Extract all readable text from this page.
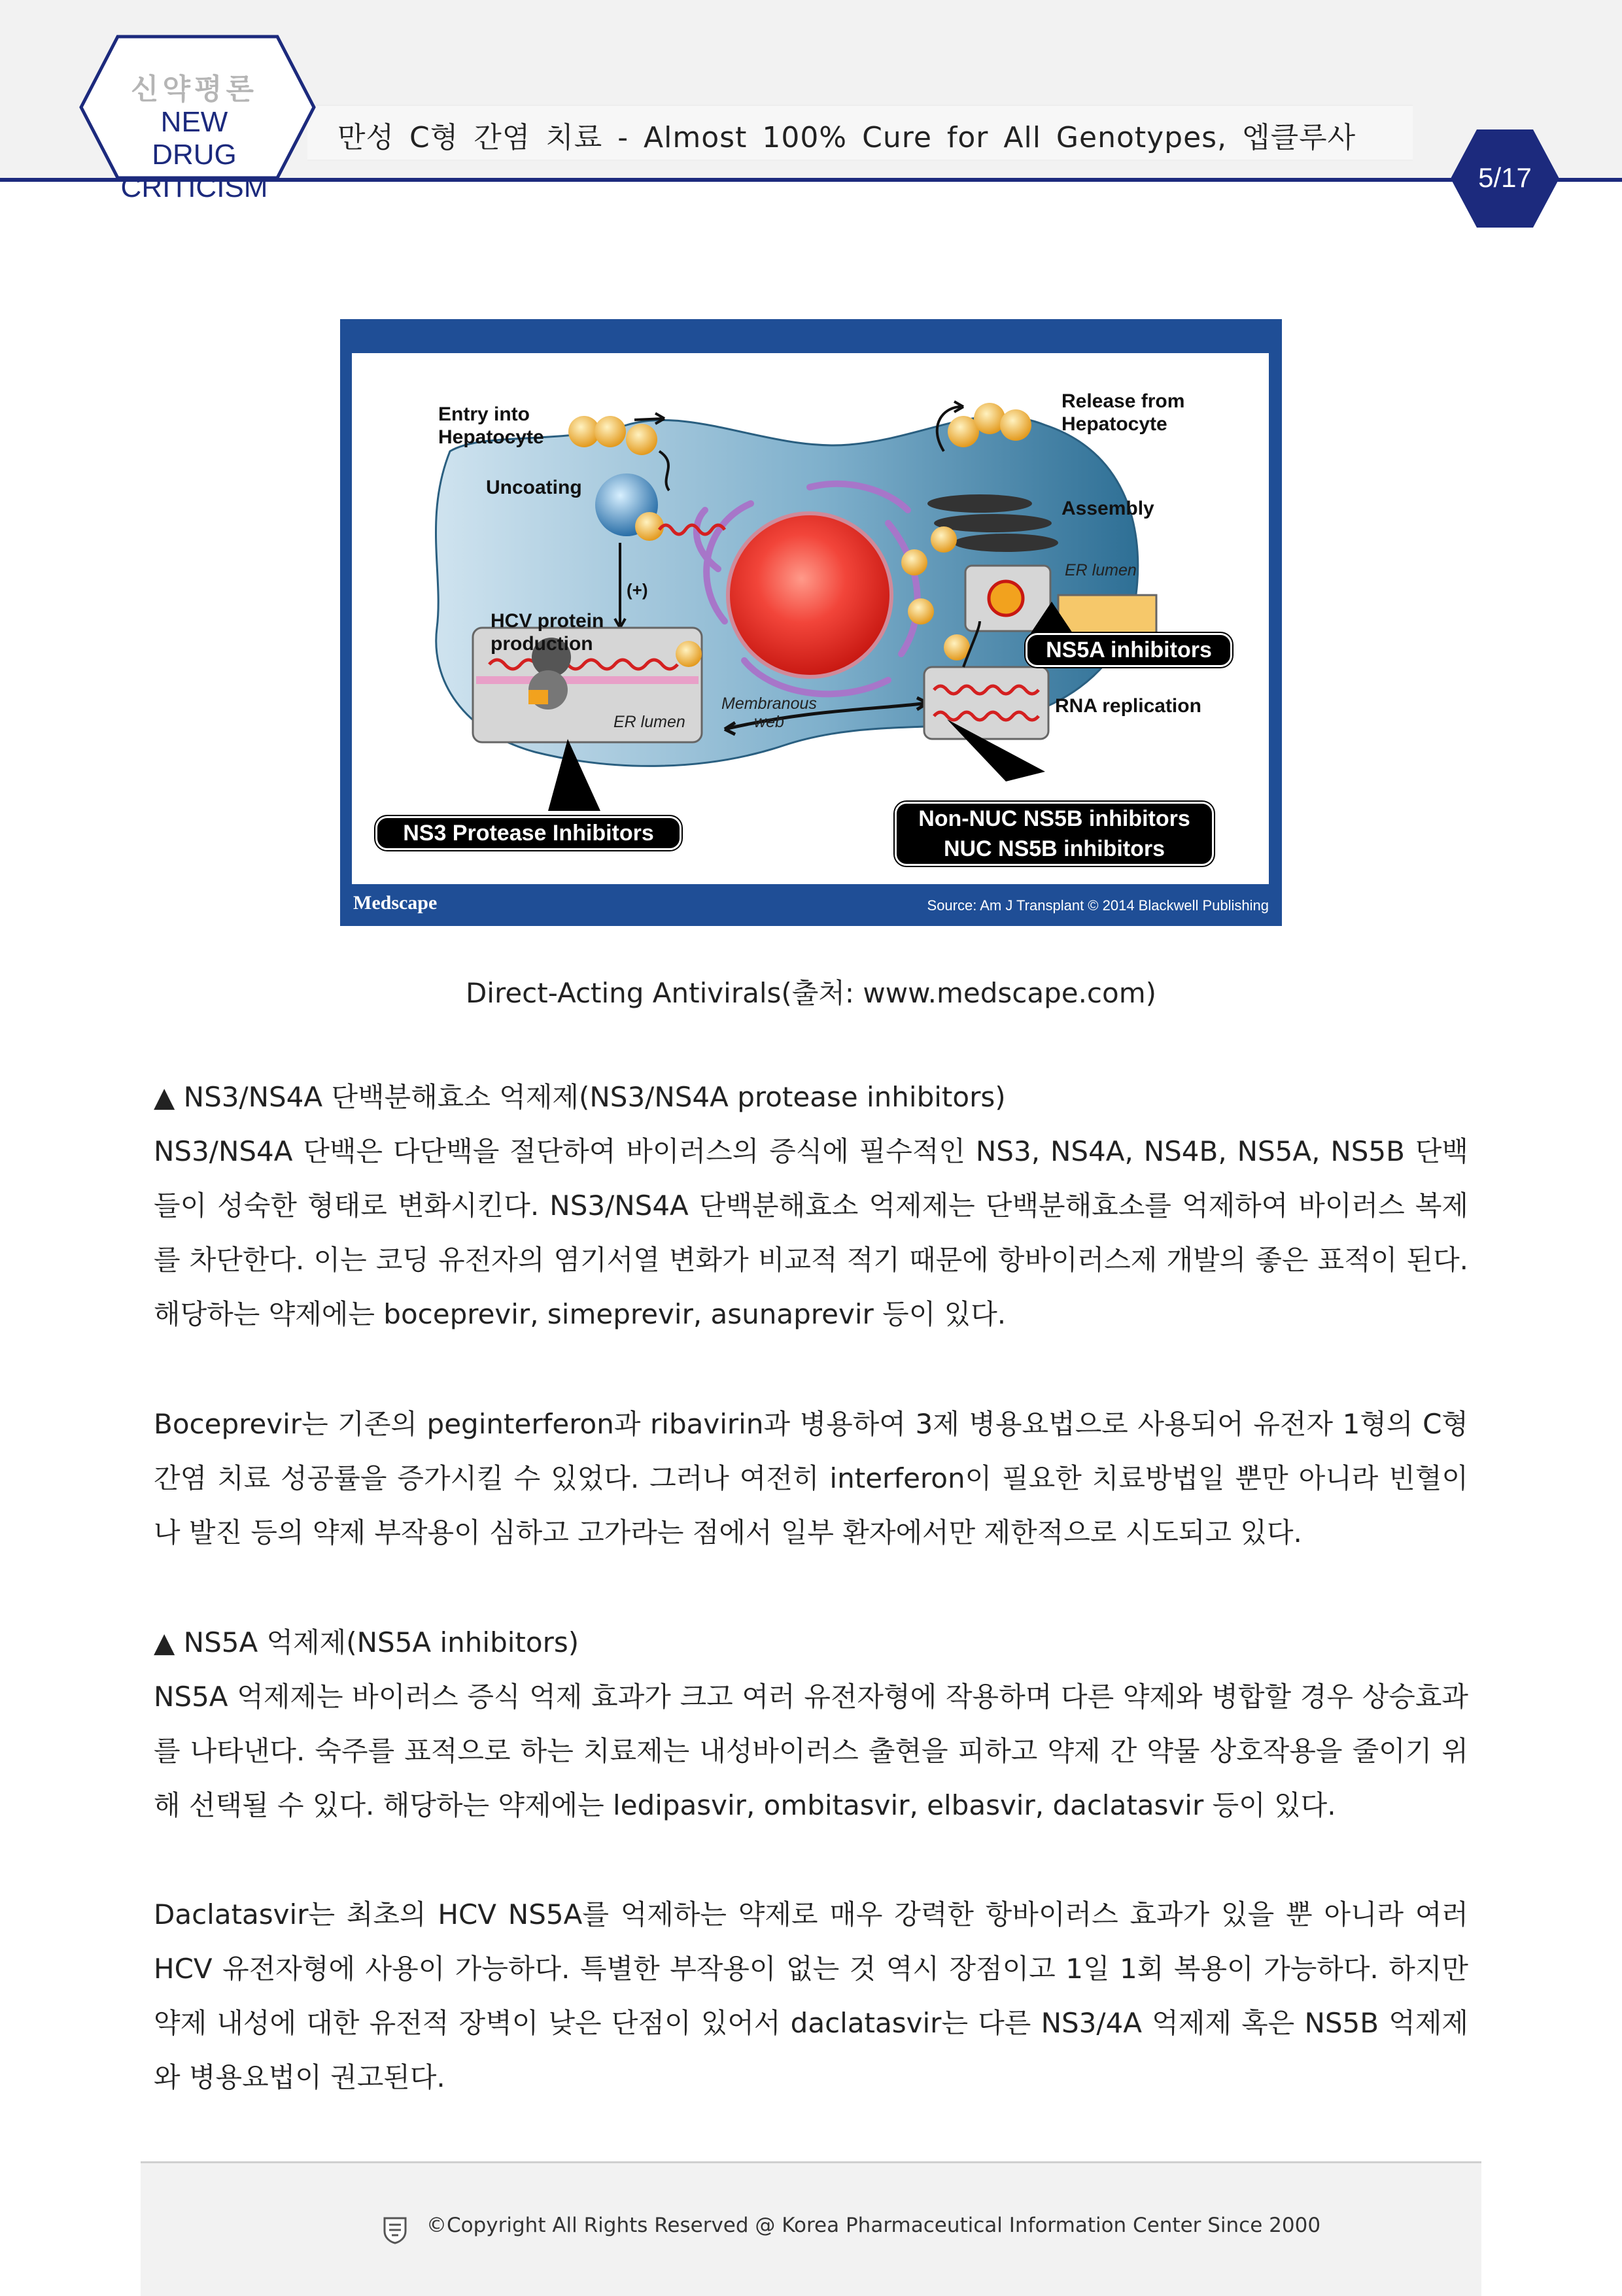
신약평론
NEW DRUG
CRITICISM
만성 C형 간염 치료 - Almost 100% Cure for All Genotypes, 엡클루사
5/17
Entry into
Hepatocyte
Uncoating
(+)
HCV protein
production
ER lumen
Membranous
web
Release from
Hepatocyte
Assembly
ER lumen
RNA replication
NS3 Protease Inhibitors
NS5A inhibitors
Non-NUC NS5B inhibitors
NUC NS5B inhibitors
Medscape	Source: Am J Transplant © 2014 Blackwell Publishing
Direct-Acting Antivirals(출처: www.medscape.com)
▲ NS3/NS4A 단백분해효소 억제제(NS3/NS4A protease inhibitors)

NS3/NS4A 단백은 다단백을 절단하여 바이러스의 증식에 필수적인 NS3, NS4A, NS4B, NS5A, NS5B 단백들이 성숙한 형태로 변화시킨다. NS3/NS4A 단백분해효소 억제제는 단백분해효소를 억제하여 바이러스 복제를 차단한다. 이는 코딩 유전자의 염기서열 변화가 비교적 적기 때문에 항바이러스제 개발의 좋은 표적이 된다. 해당하는 약제에는 boceprevir, simeprevir, asunaprevir 등이 있다.

Boceprevir는 기존의 peginterferon과 ribavirin과 병용하여 3제 병용요법으로 사용되어 유전자 1형의 C형 간염 치료 성공률을 증가시킬 수 있었다. 그러나 여전히 interferon이 필요한 치료방법일 뿐만 아니라 빈혈이나 발진 등의 약제 부작용이 심하고 고가라는 점에서 일부 환자에서만 제한적으로 시도되고 있다.

▲ NS5A 억제제(NS5A inhibitors)

NS5A 억제제는 바이러스 증식 억제 효과가 크고 여러 유전자형에 작용하며 다른 약제와 병합할 경우 상승효과를 나타낸다. 숙주를 표적으로 하는 치료제는 내성바이러스 출현을 피하고 약제 간 약물 상호작용을 줄이기 위해 선택될 수 있다. 해당하는 약제에는 ledipasvir, ombitasvir, elbasvir, daclatasvir 등이 있다.

Daclatasvir는 최초의 HCV NS5A를 억제하는 약제로 매우 강력한 항바이러스 효과가 있을 뿐 아니라 여러 HCV 유전자형에 사용이 가능하다. 특별한 부작용이 없는 것 역시 장점이고 1일 1회 복용이 가능하다. 하지만 약제 내성에 대한 유전적 장벽이 낮은 단점이 있어서 daclatasvir는 다른 NS3/4A 억제제 혹은 NS5B 억제제와 병용요법이 권고된다.

©Copyright All Rights Reserved @ Korea Pharmaceutical Information Center Since 2000
